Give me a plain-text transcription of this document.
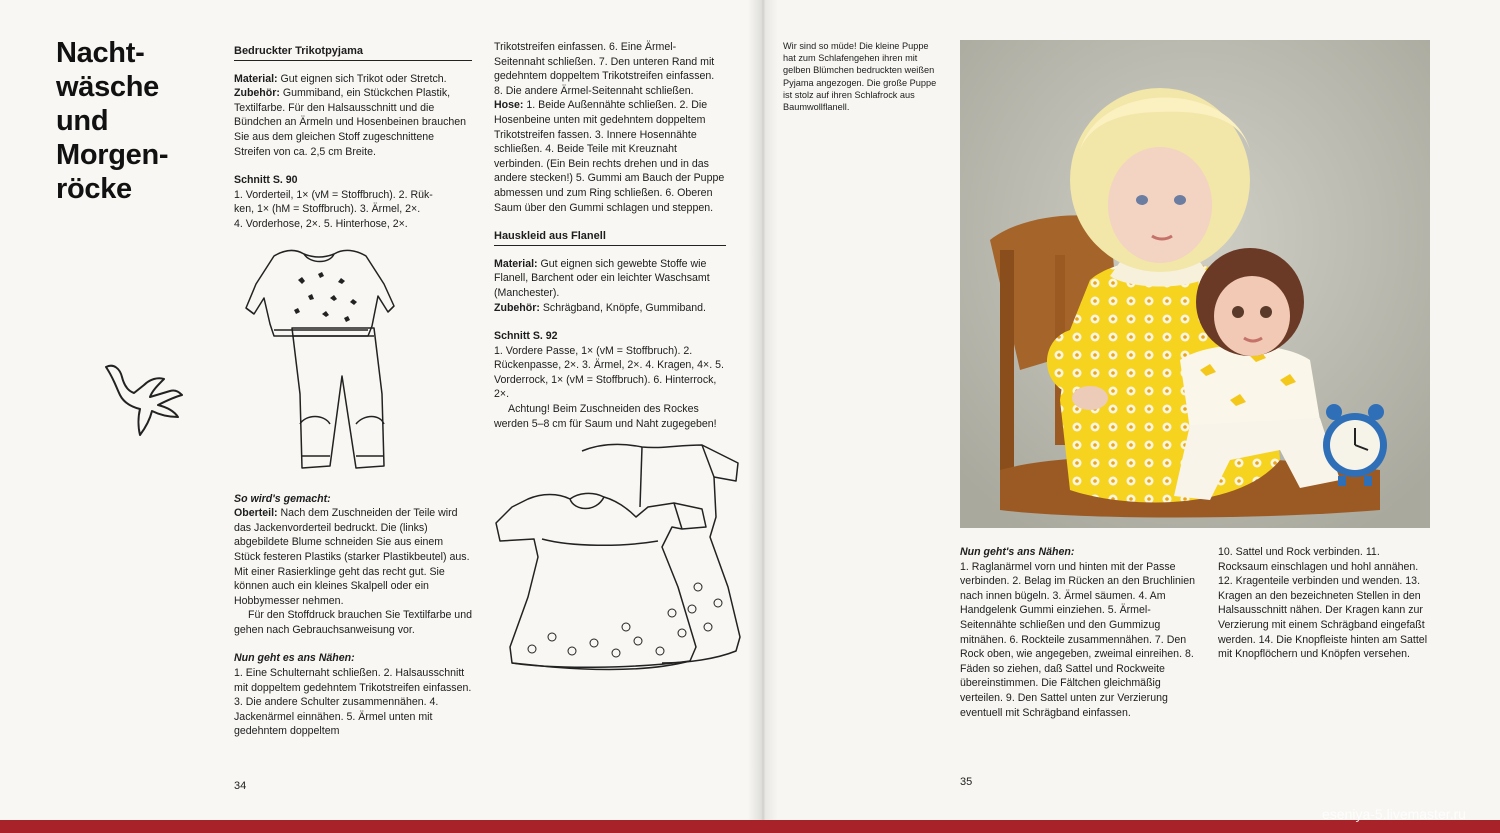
Nacht-
wäsche
und
Morgen-
röcke
Bedruckter Trikotpyjama

Material: Gut eignen sich Trikot oder Stretch.

Zubehör: Gummiband, ein Stückchen Plastik, Textilfarbe. Für den Halsausschnitt und die Bündchen an Ärmeln und Hosenbeinen brauchen Sie aus dem gleichen Stoff zugeschnittene Streifen von ca. 2,5 cm Breite.

Schnitt S. 90

1. Vorderteil, 1× (vM = Stoffbruch). 2. Rük-

ken, 1× (hM = Stoffbruch). 3. Ärmel, 2×.

4. Vorderhose, 2×. 5. Hinterhose, 2×.

So wird's gemacht:

Oberteil: Nach dem Zuschneiden der Teile wird das Jackenvorderteil bedruckt. Die (links) abgebildete Blume schneiden Sie aus einem Stück festeren Plastiks (starker Plastikbeutel) aus. Mit einer Rasierklinge geht das recht gut. Sie können auch ein kleines Skalpell oder ein Hobbymesser nehmen.

Für den Stoffdruck brauchen Sie Textilfarbe und gehen nach Gebrauchsanweisung vor.

Nun geht es ans Nähen:

1. Eine Schulternaht schließen. 2. Halsausschnitt mit doppeltem gedehntem Trikotstreifen einfassen. 3. Die andere Schulter zusammennähen. 4. Jackenärmel einnähen. 5. Ärmel unten mit gedehntem doppeltem

Trikotstreifen einfassen. 6. Eine Ärmel-Seitennaht schließen. 7. Den unteren Rand mit gedehntem doppeltem Trikotstreifen einfassen. 8. Die andere Ärmel-Seitennaht schließen.

Hose: 1. Beide Außennähte schließen. 2. Die Hosenbeine unten mit gedehntem doppeltem Trikotstreifen fassen. 3. Innere Hosennähte schließen. 4. Beide Teile mit Kreuznaht verbinden. (Ein Bein rechts drehen und in das andere stecken!) 5. Gummi am Bauch der Puppe abmessen und zum Ring schließen. 6. Oberen Saum über den Gummi schlagen und steppen.

Hauskleid aus Flanell

Material: Gut eignen sich gewebte Stoffe wie Flanell, Barchent oder ein leichter Waschsamt (Manchester).

Zubehör: Schrägband, Knöpfe, Gummiband.

Schnitt S. 92

1. Vordere Passe, 1× (vM = Stoffbruch). 2. Rückenpasse, 2×. 3. Ärmel, 2×. 4. Kragen, 4×. 5. Vorderrock, 1× (vM = Stoffbruch). 6. Hinterrock, 2×.

Achtung! Beim Zuschneiden des Rockes werden 5–8 cm für Saum und Naht zugegeben!

34
Wir sind so müde! Die kleine Puppe hat zum Schlafengehen ihren mit gelben Blümchen bedruckten weißen Pyjama angezogen. Die große Puppe ist stolz auf ihren Schlafrock aus Baumwollflanell.

Nun geht's ans Nähen:

1. Raglanärmel vorn und hinten mit der Passe verbinden. 2. Belag im Rücken an den Bruchlinien nach innen bügeln. 3. Ärmel säumen. 4. Am Handgelenk Gummi einziehen. 5. Ärmel-Seitennähte schließen und den Gummizug mitnähen. 6. Rockteile zusammennähen. 7. Den Rock oben, wie angegeben, zweimal einreihen. 8. Fäden so ziehen, daß Sattel und Rockweite übereinstimmen. Die Fältchen gleichmäßig verteilen. 9. Den Sattel unten zur Verzierung eventuell mit Schrägband einfassen.

10. Sattel und Rock verbinden. 11. Rocksaum einschlagen und hohl annähen. 12. Kragenteile verbinden und wenden. 13. Kragen an den bezeichneten Stellen in den Halsausschnitt nähen. Der Kragen kann zur Verzierung mit einem Schrägband eingefaßt werden. 14. Die Knopfleiste hinten am Sattel mit Knopflöchern und Knöpfen versehen.

35
eseniya-5.livemaster.ru
